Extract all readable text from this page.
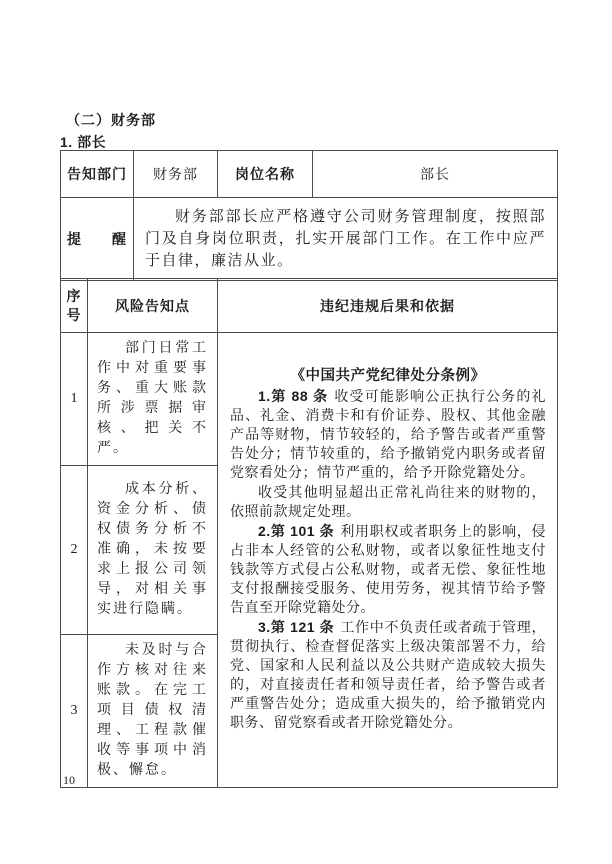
（二）财务部
1. 部长
告知部门	财务部	岗位名称	部长
提　　醒	财务部部长应严格遵守公司财务管理制度，按照部门及自身岗位职责，扎实开展部门工作。在工作中应严于自律，廉洁从业。		
序号	风险告知点	违纪违规后果和依据
1	部门日常工作中对重要事务、重大账款所涉票据审核、把关不严。	《中国共产党纪律处分条例》

1.第 88 条 收受可能影响公正执行公务的礼品、礼金、消费卡和有价证券、股权、其他金融产品等财物，情节较轻的，给予警告或者严重警告处分；情节较重的，给予撤销党内职务或者留党察看处分；情节严重的，给予开除党籍处分。

收受其他明显超出正常礼尚往来的财物的，依照前款规定处理。

2.第 101 条 利用职权或者职务上的影响，侵占非本人经管的公私财物，或者以象征性地支付钱款等方式侵占公私财物，或者无偿、象征性地支付报酬接受服务、使用劳务，视其情节给予警告直至开除党籍处分。

3.第 121 条 工作中不负责任或者疏于管理，贯彻执行、检查督促落实上级决策部署不力，给党、国家和人民利益以及公共财产造成较大损失的，对直接责任者和领导责任者，给予警告或者严重警告处分；造成重大损失的，给予撤销党内职务、留党察看或者开除党籍处分。

2	成本分析、资金分析、债权债务分析不准确，未按要求上报公司领导，对相关事实进行隐瞒。	
3	未及时与合作方核对往来账款。在完工项目债权清理、工程款催收等事项中消极、懈怠。	
10
